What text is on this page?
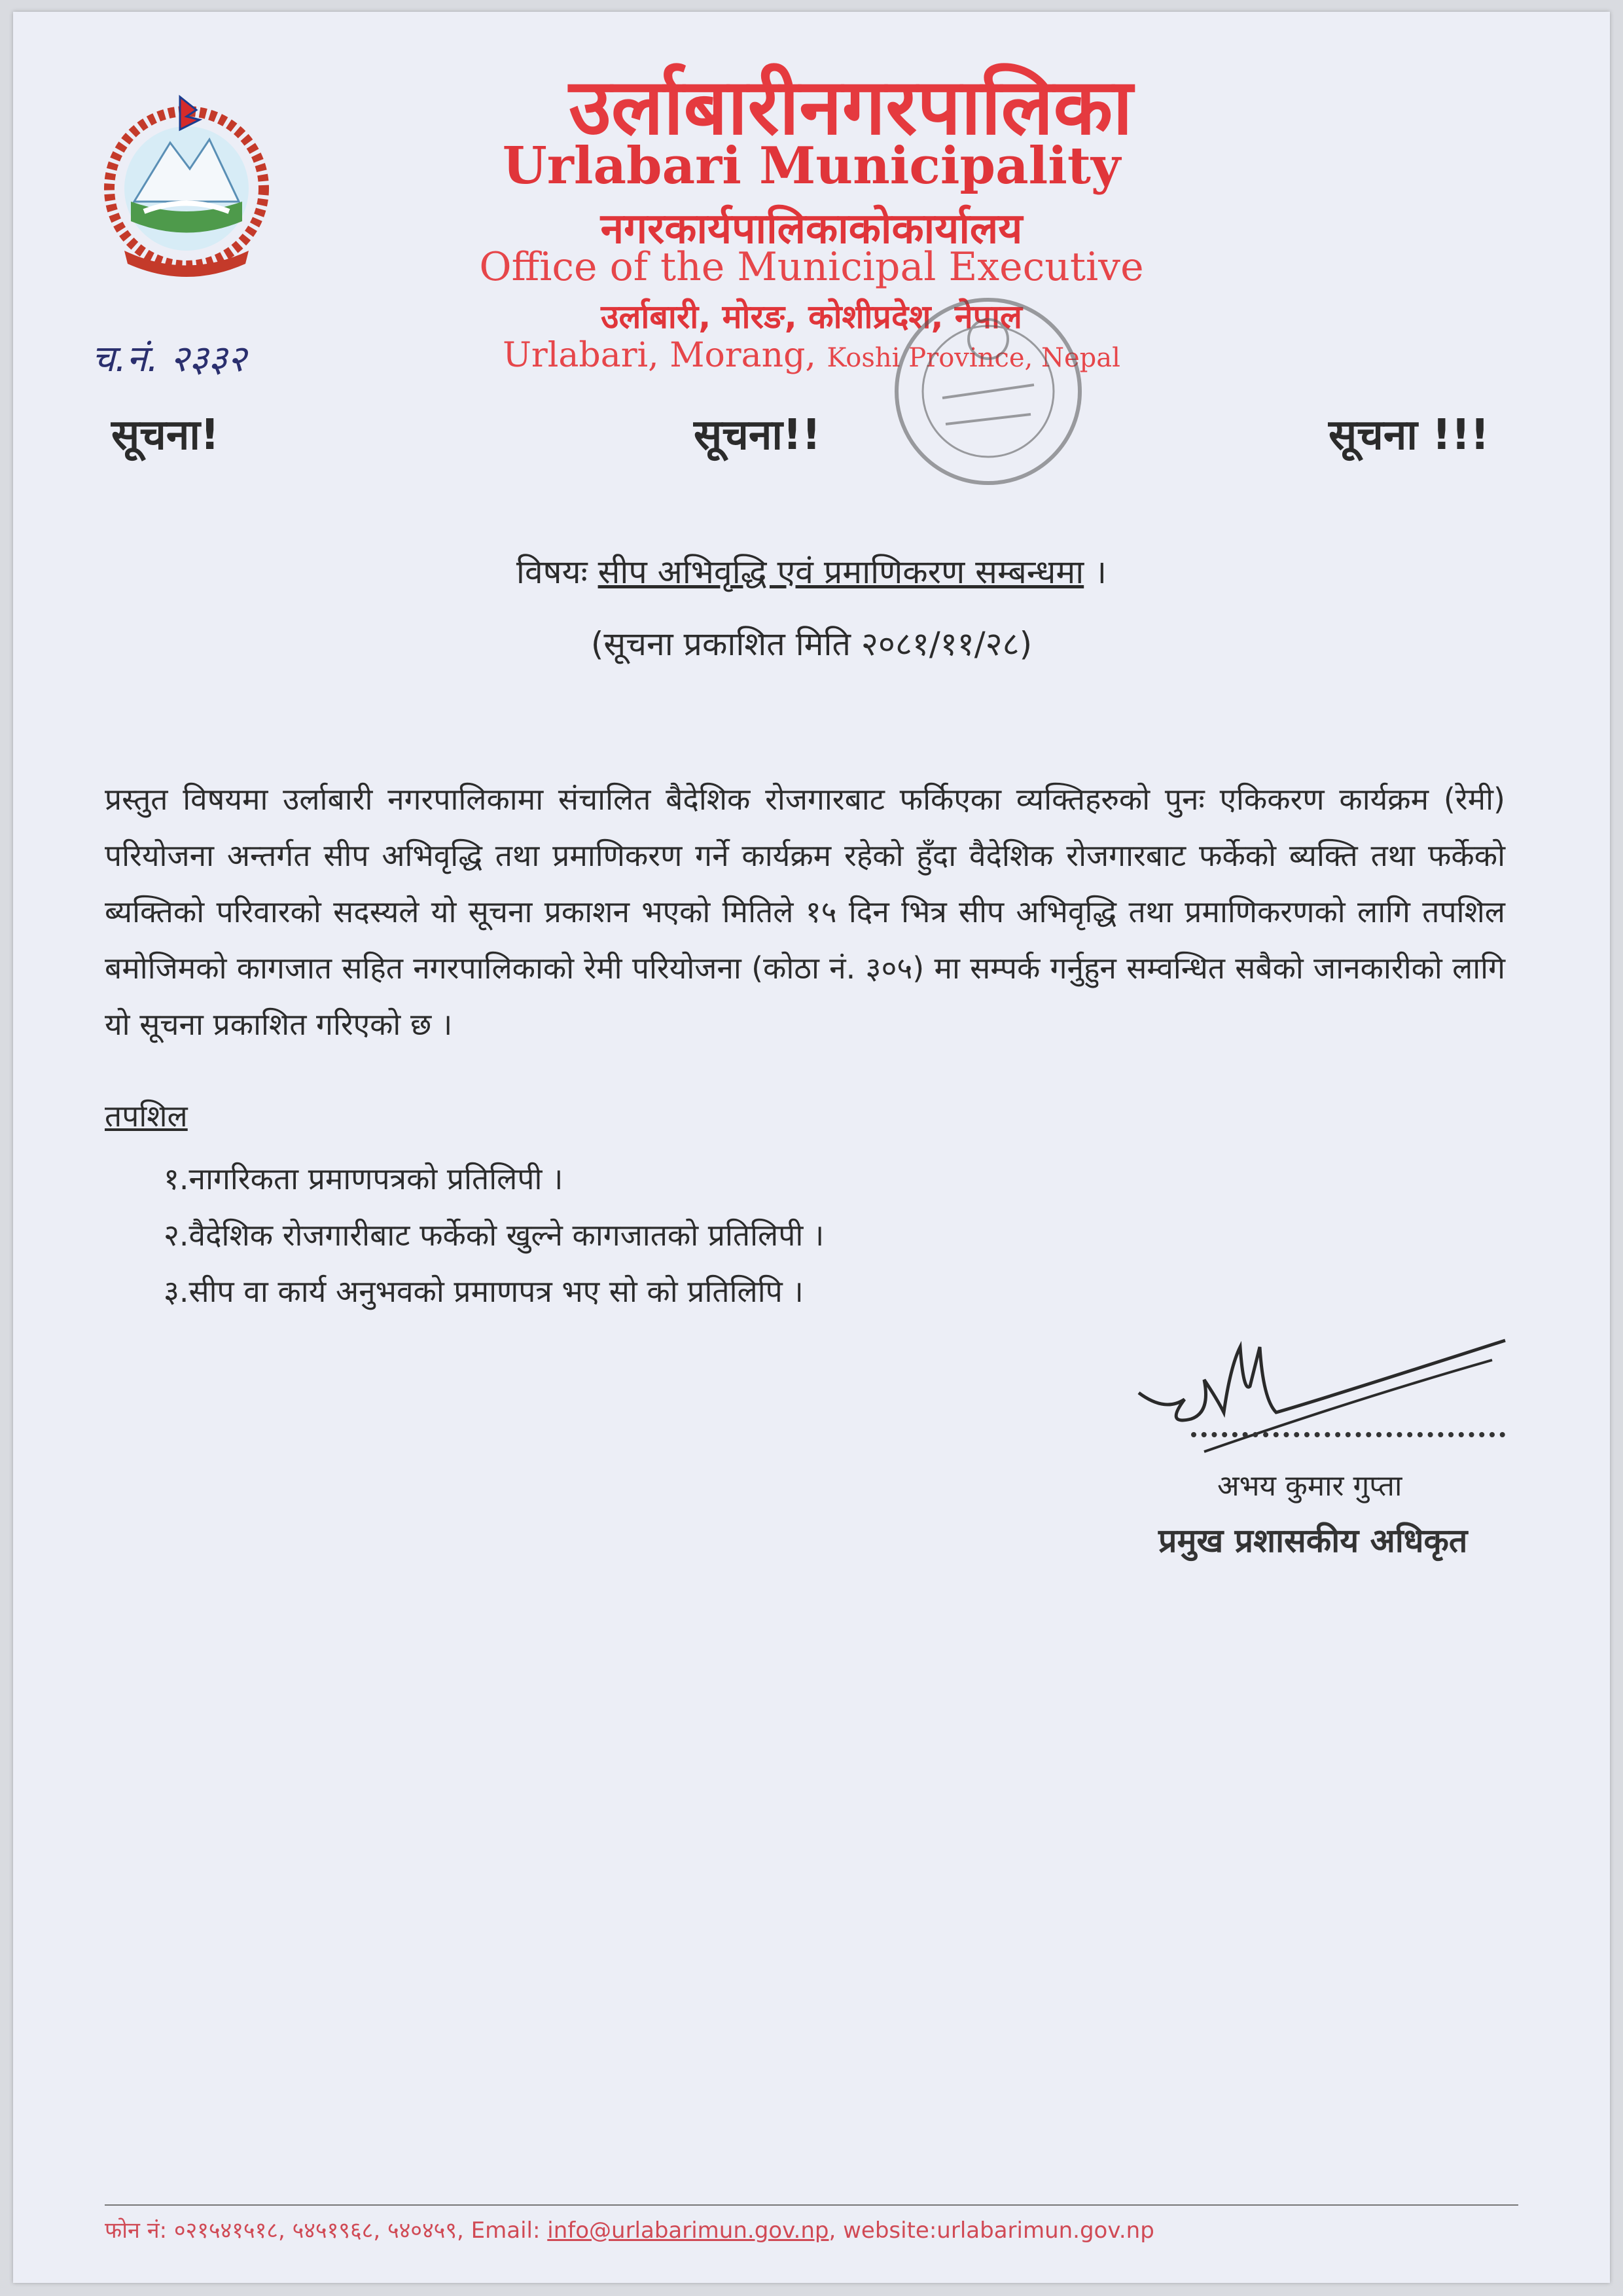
उर्लाबारीनगरपालिका
Urlabari Municipality
नगरकार्यपालिकाकोकार्यालय
Office of the Municipal Executive
उर्लाबारी, मोरङ, कोशीप्रदेश, नेपाल
Urlabari, Morang, Koshi Province, Nepal
च.नं. २३३२
सूचना!	सूचना!!	सूचना !!!
विषयः सीप अभिवृद्धि एवं प्रमाणिकरण सम्बन्धमा ।
(सूचना प्रकाशित मिति २०८१/११/२८)
प्रस्तुत विषयमा उर्लाबारी नगरपालिकामा संचालित बैदेशिक रोजगारबाट फर्किएका व्यक्तिहरुको पुनः एकिकरण कार्यक्रम (रेमी) परियोजना अन्तर्गत सीप अभिवृद्धि तथा प्रमाणिकरण गर्ने कार्यक्रम रहेको हुँदा वैदेशिक रोजगारबाट फर्केको ब्यक्ति तथा फर्केको ब्यक्तिको परिवारको सदस्यले यो सूचना प्रकाशन भएको मितिले १५ दिन भित्र सीप अभिवृद्धि तथा प्रमाणिकरणको लागि तपशिल बमोजिमको कागजात सहित नगरपालिकाको रेमी परियोजना (कोठा नं. ३०५) मा सम्पर्क गर्नुहुन सम्वन्धित सबैको जानकारीको लागि यो सूचना प्रकाशित गरिएको छ ।
तपशिल
१.नागरिकता प्रमाणपत्रको प्रतिलिपी ।
२.वैदेशिक रोजगारीबाट फर्केको खुल्ने कागजातको प्रतिलिपी ।
३.सीप वा कार्य अनुभवको प्रमाणपत्र भए सो को प्रतिलिपि ।
अभय कुमार गुप्ता
प्रमुख प्रशासकीय अधिकृत
फोन नं: ०२१५४१५१८, ५४५१९६८, ५४०४५९, Email: info@urlabarimun.gov.np, website:urlabarimun.gov.np
